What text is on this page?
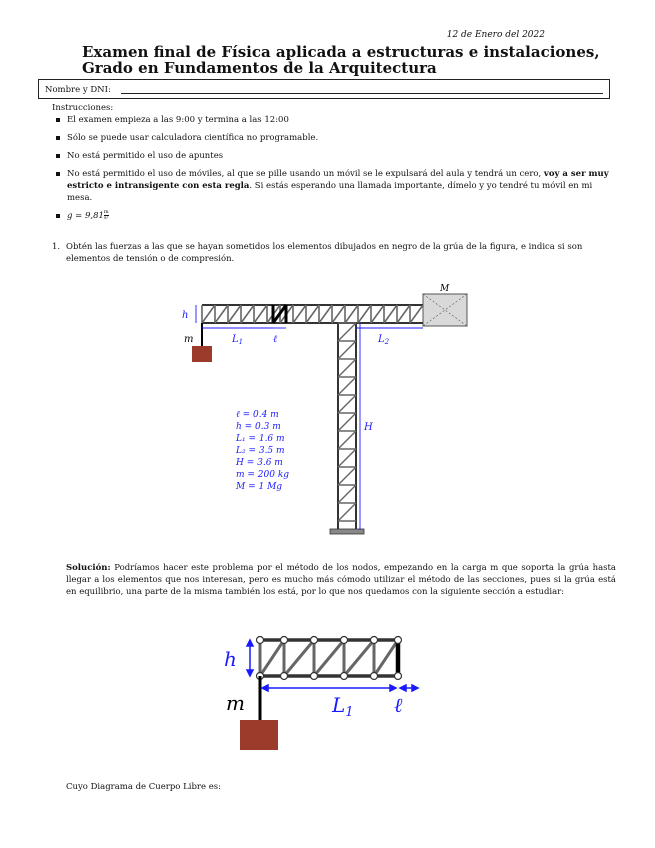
12 de Enero del 2022
Examen final de Física aplicada a estructuras e instalaciones,
Grado en Fundamentos de la Arquitectura
Nombre y DNI:
Instrucciones:
El examen empieza a las 9:00 y termina a las 12:00
Sólo se puede usar calculadora científica no programable.
No está permitido el uso de apuntes
No está permitido el uso de móviles, al que se pille usando un móvil se le expulsará del aula y tendrá un cero, voy a ser muy estricto e intransigente con esta regla. Si estás esperando una llamada importante, dímelo y yo tendré tu móvil en mi mesa.
$g = 9,81 \frac{m}{\text{s²}}$
1. Obtén las fuerzas a las que se hayan sometidos los elementos dibujados en negro de la grúa de la figura, e indica si son elementos de tensión o de compresión.
M
m
h
$L_1$	ℓ	$L_2$
H
ℓ = 0.4 m
h = 0.3 m
L₁ = 1.6 m
L₂ = 3.5 m
H = 3.6 m
m = 200 kg
M = 1 Mg
Solución: Podríamos hacer este problema por el método de los nodos, empezando en la carga m que soporta la grúa hasta llegar a los elementos que nos interesan, pero es mucho más cómodo utilizar el método de las secciones, pues si la grúa está en equilibrio, una parte de la misma también los está, por lo que nos quedamos con la siguiente sección a estudiar:
h
m	$L_1$ ℓ
Cuyo Diagrama de Cuerpo Libre es:
